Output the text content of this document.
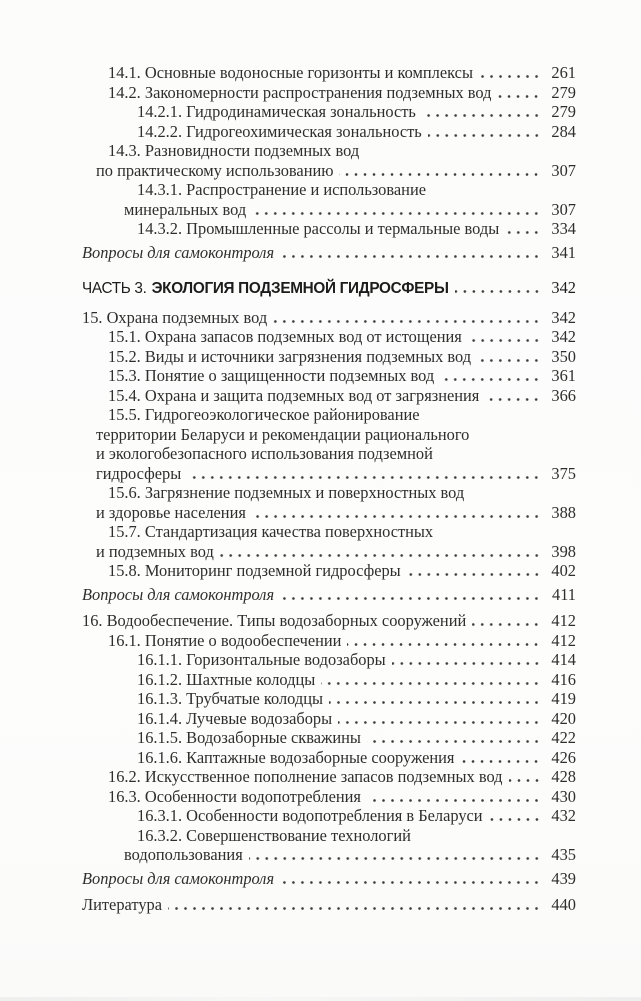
14.1. Основные водоносные горизонты и комплексы	261
14.2. Закономерности распространения подземных вод	279
14.2.1. Гидродинамическая зональность	279
14.2.2. Гидрогеохимическая зональность	284
14.3. Разновидности подземных вод
по практическому использованию	307
14.3.1. Распространение и использование
минеральных вод	307
14.3.2. Промышленные рассолы и термальные воды	334
Вопросы для самоконтроля	341
ЧАСТЬ 3. ЭКОЛОГИЯ ПОДЗЕМНОЙ ГИДРОСФЕРЫ	342
15. Охрана подземных вод	342
15.1. Охрана запасов подземных вод от истощения	342
15.2. Виды и источники загрязнения подземных вод	350
15.3. Понятие о защищенности подземных вод	361
15.4. Охрана и защита подземных вод от загрязнения	366
15.5. Гидрогеоэкологическое районирование
территории Беларуси и рекомендации рационального
и экологобезопасного использования подземной
гидросферы	375
15.6. Загрязнение подземных и поверхностных вод
и здоровье населения	388
15.7. Стандартизация качества поверхностных
и подземных вод	398
15.8. Мониторинг подземной гидросферы	402
Вопросы для самоконтроля	411
16. Водообеспечение. Типы водозаборных сооружений	412
16.1. Понятие о водообеспечении	412
16.1.1. Горизонтальные водозаборы	414
16.1.2. Шахтные колодцы	416
16.1.3. Трубчатые колодцы	419
16.1.4. Лучевые водозаборы	420
16.1.5. Водозаборные скважины	422
16.1.6. Каптажные водозаборные сооружения	426
16.2. Искусственное пополнение запасов подземных вод	428
16.3. Особенности водопотребления	430
16.3.1. Особенности водопотребления в Беларуси	432
16.3.2. Совершенствование технологий
водопользования	435
Вопросы для самоконтроля	439
Литература	440
